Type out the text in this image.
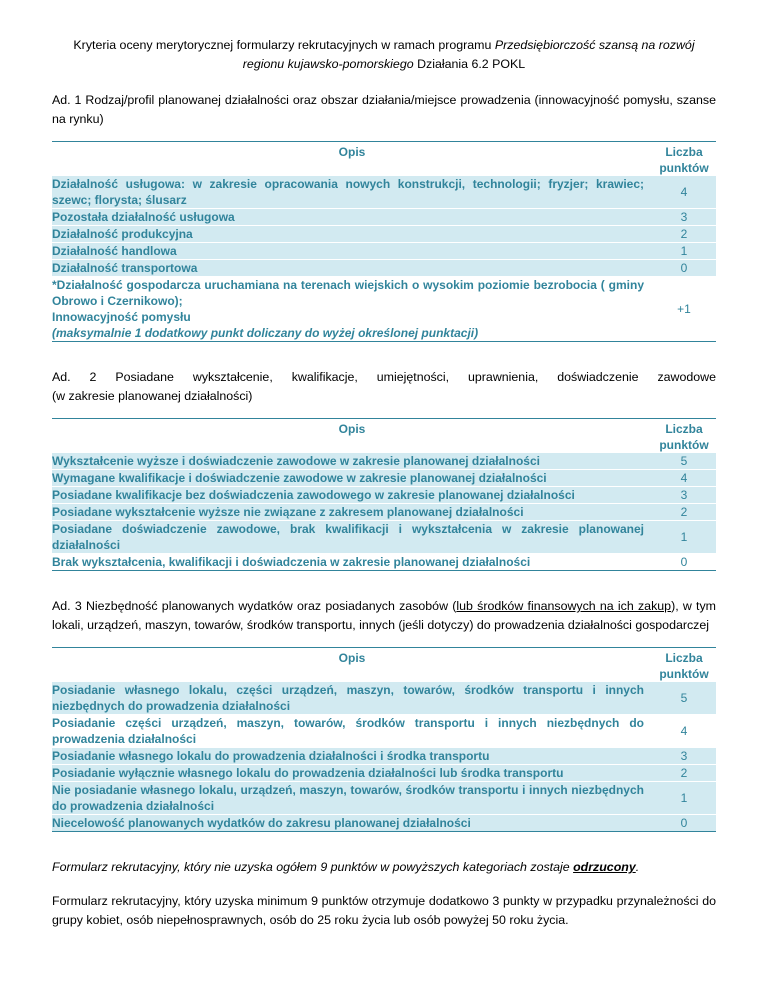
Kryteria oceny merytorycznej formularzy rekrutacyjnych w ramach programu Przedsiębiorczość szansą na rozwój regionu kujawsko-pomorskiego Działania 6.2 POKL

Ad. 1 Rodzaj/profil planowanej działalności oraz obszar działania/miejsce prowadzenia (innowacyjność pomysłu, szanse na rynku)

Opis	Liczba
punktów
Działalność usługowa: w zakresie opracowania nowych konstrukcji, technologii; fryzjer; krawiec; szewc; florysta; ślusarz	4
Pozostała działalność usługowa	3
Działalność produkcyjna	2
Działalność handlowa	1
Działalność transportowa	0

*Działalność gospodarcza uruchamiana na terenach wiejskich o wysokim poziomie bezrobocia ( gminy Obrowo i Czernikowo);
Innowacyjność pomysłu
(maksymalnie 1 dodatkowy punkt doliczany do wyżej określonej punktacji)	+1
Ad. 2 Posiadane wykształcenie, kwalifikacje, umiejętności, uprawnienia, doświadczenie zawodowe

(w zakresie planowanej działalności)

Opis	Liczba
punktów
Wykształcenie wyższe i doświadczenie zawodowe w zakresie planowanej działalności	5
Wymagane kwalifikacje i doświadczenie zawodowe w zakresie planowanej działalności	4
Posiadane kwalifikacje bez doświadczenia zawodowego w zakresie planowanej działalności	3
Posiadane wykształcenie wyższe nie związane z zakresem planowanej działalności	2
Posiadane doświadczenie zawodowe, brak kwalifikacji i wykształcenia w zakresie planowanej działalności	1
Brak wykształcenia, kwalifikacji i doświadczenia w zakresie planowanej działalności	0

Ad. 3 Niezbędność planowanych wydatków oraz posiadanych zasobów (lub środków finansowych na ich zakup), w tym lokali, urządzeń, maszyn, towarów, środków transportu, innych (jeśli dotyczy) do prowadzenia działalności gospodarczej

Opis	Liczba
punktów
Posiadanie własnego lokalu, części urządzeń, maszyn, towarów, środków transportu i innych niezbędnych do prowadzenia działalności	5
Posiadanie części urządzeń, maszyn, towarów, środków transportu i innych niezbędnych do prowadzenia działalności	4
Posiadanie własnego lokalu do prowadzenia działalności i środka transportu	3
Posiadanie wyłącznie własnego lokalu do prowadzenia działalności lub środka transportu	2
Nie posiadanie własnego lokalu, urządzeń, maszyn, towarów, środków transportu i innych niezbędnych do prowadzenia działalności	1
Niecelowość planowanych wydatków do zakresu planowanej działalności	0

Formularz rekrutacyjny, który nie uzyska ogółem 9 punktów w powyższych kategoriach zostaje odrzucony.

Formularz rekrutacyjny, który uzyska minimum 9 punktów otrzymuje dodatkowo 3 punkty w przypadku przynależności do grupy kobiet, osób niepełnosprawnych, osób do 25 roku życia lub osób powyżej 50 roku życia.
